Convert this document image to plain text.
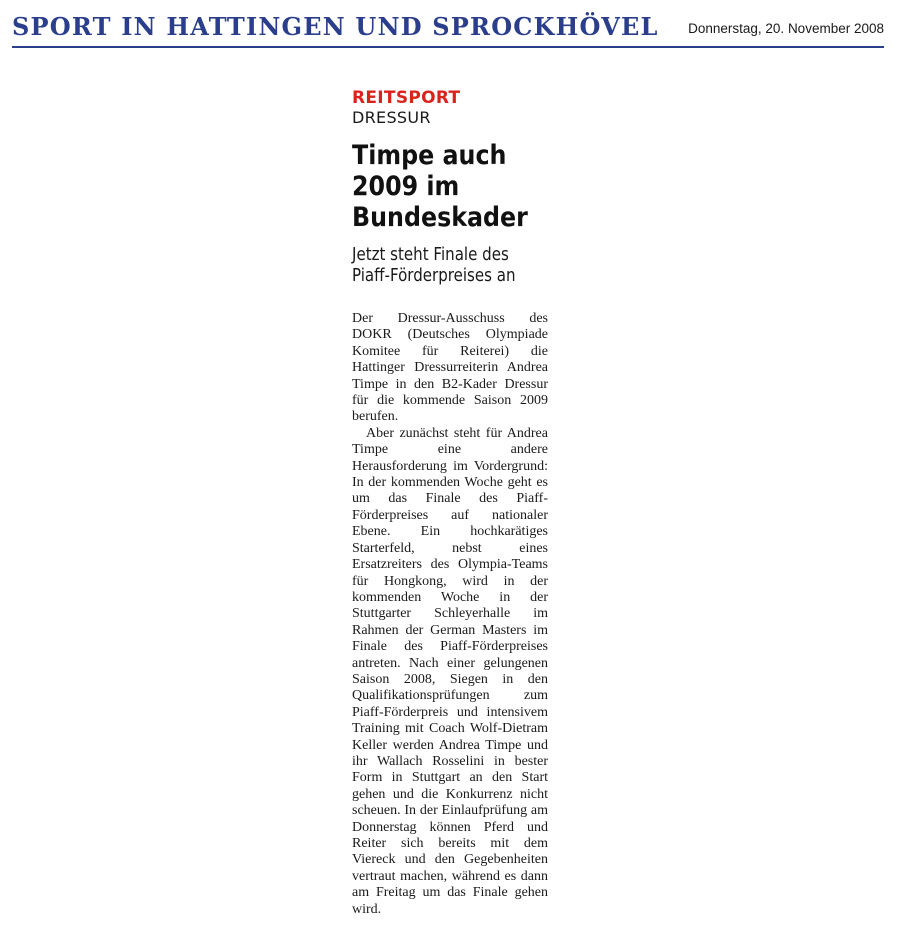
SPORT IN HATTINGEN UND SPROCKHÖVEL Donnerstag, 20. November 2008
REITSPORT
DRESSUR
Timpe auch 2009 im Bundeskader
Jetzt steht Finale des Piaff-Förderpreises an

Der Dressur-Ausschuss des DOKR (Deutsches Olympiade Komitee für Reiterei) die Hattinger Dressurreiterin Andrea Timpe in den B2-Kader Dressur für die kommende Saison 2009 berufen.

Aber zunächst steht für Andrea Timpe eine andere Herausforderung im Vordergrund: In der kommenden Woche geht es um das Finale des Piaff-Förderpreises auf nationaler Ebene. Ein hochkarätiges Starterfeld, nebst eines Ersatzreiters des Olympia-Teams für Hongkong, wird in der kommenden Woche in der Stuttgarter Schleyerhalle im Rahmen der German Masters im Finale des Piaff-Förderpreises antreten. Nach einer gelungenen Saison 2008, Siegen in den Qualifikationsprüfungen zum Piaff-Förderpreis und intensivem Training mit Coach Wolf-Dietram Keller werden Andrea Timpe und ihr Wallach Rosselini in bester Form in Stuttgart an den Start gehen und die Konkurrenz nicht scheuen. In der Einlaufprüfung am Donnerstag können Pferd und Reiter sich bereits mit dem Viereck und den Gegebenheiten vertraut machen, während es dann am Freitag um das Finale gehen wird.
